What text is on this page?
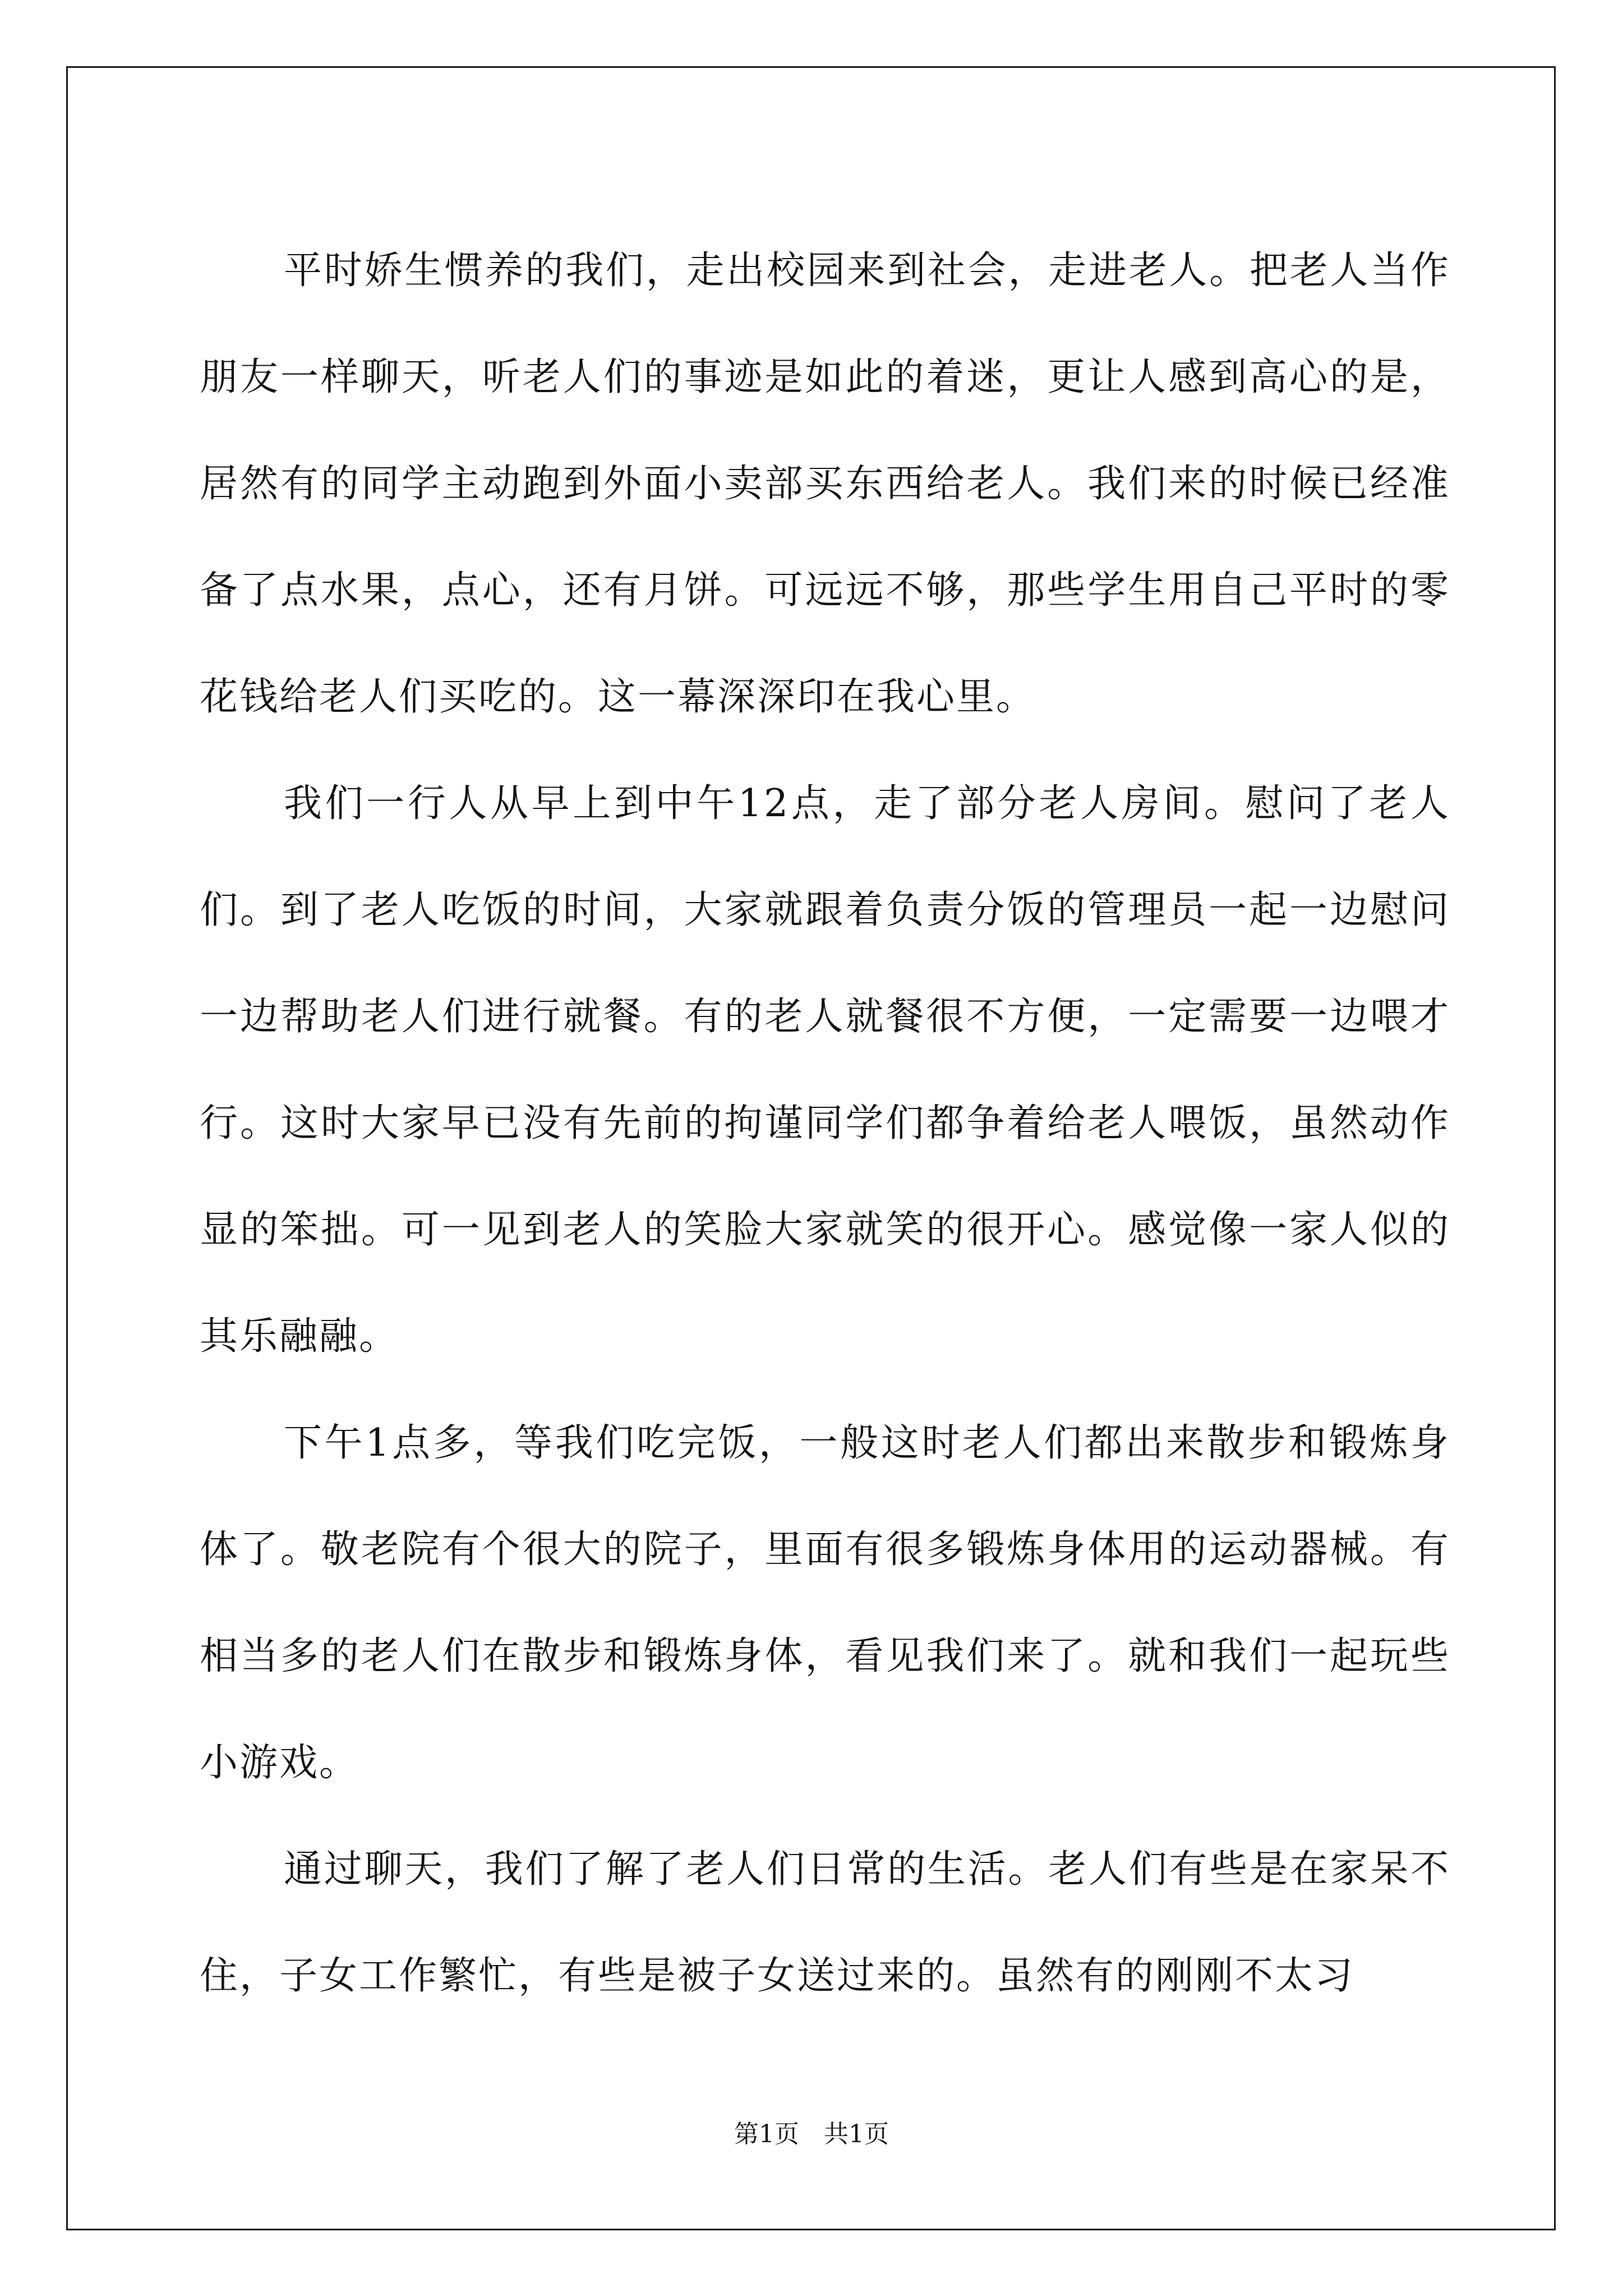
平时娇生惯养的我们，走出校园来到社会，走进老人。把老人当作朋友一样聊天，听老人们的事迹是如此的着迷，更让人感到高心的是，居然有的同学主动跑到外面小卖部买东西给老人。我们来的时候已经准备了点水果，点心，还有月饼。可远远不够，那些学生用自己平时的零花钱给老人们买吃的。这一幕深深印在我心里。

我们一行人从早上到中午12点，走了部分老人房间。慰问了老人们。到了老人吃饭的时间，大家就跟着负责分饭的管理员一起一边慰问一边帮助老人们进行就餐。有的老人就餐很不方便，一定需要一边喂才行。这时大家早已没有先前的拘谨同学们都争着给老人喂饭，虽然动作显的笨拙。可一见到老人的笑脸大家就笑的很开心。感觉像一家人似的其乐融融。

下午1点多，等我们吃完饭，一般这时老人们都出来散步和锻炼身体了。敬老院有个很大的院子，里面有很多锻炼身体用的运动器械。有相当多的老人们在散步和锻炼身体，看见我们来了。就和我们一起玩些小游戏。

通过聊天，我们了解了老人们日常的生活。老人们有些是在家呆不住，子女工作繁忙，有些是被子女送过来的。虽然有的刚刚不太习

第1页　共1页
